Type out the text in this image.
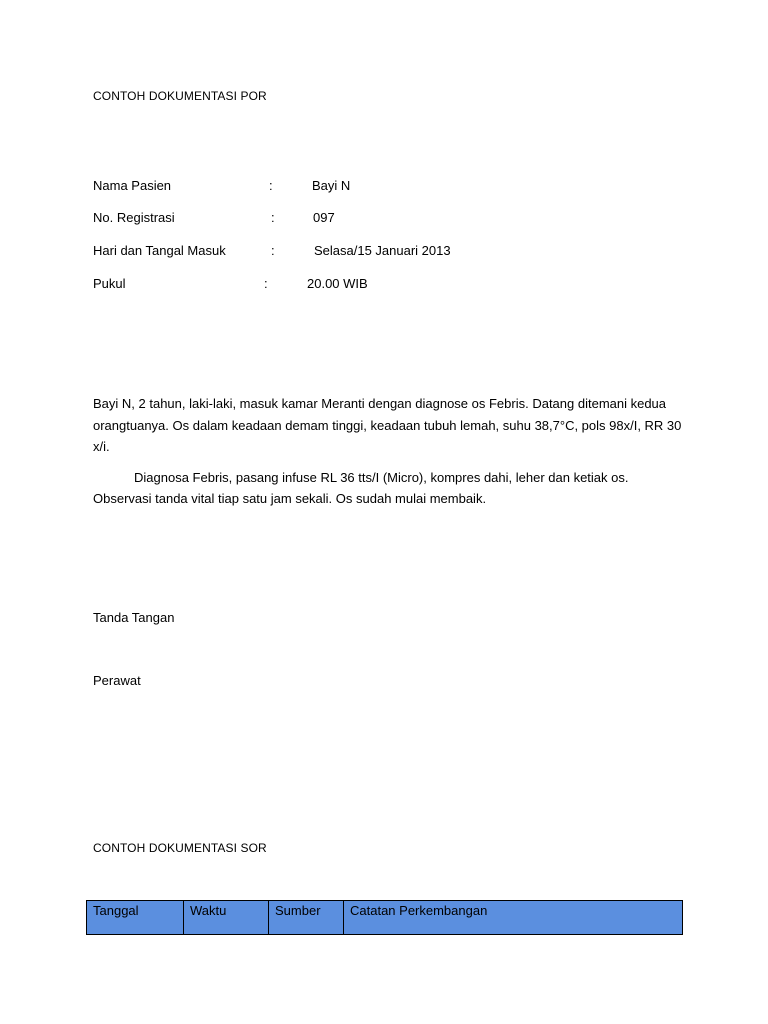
CONTOH DOKUMENTASI POR
Nama Pasien	:	Bayi N
No. Registrasi	:	097
Hari dan Tangal Masuk	:	Selasa/15 Januari 2013
Pukul	:	20.00 WIB

Bayi N, 2 tahun, laki-laki, masuk kamar Meranti dengan diagnose os Febris. Datang ditemani kedua orangtuanya. Os dalam keadaan demam tinggi, keadaan tubuh lemah, suhu 38,7°C, pols 98x/I, RR 30 x/i.

Diagnosa Febris, pasang infuse RL 36 tts/I (Micro), kompres dahi, leher dan ketiak os. Observasi tanda vital tiap satu jam sekali. Os sudah mulai membaik.

Tanda Tangan
Perawat
CONTOH DOKUMENTASI SOR
Tanggal	Waktu	Sumber	Catatan Perkembangan
